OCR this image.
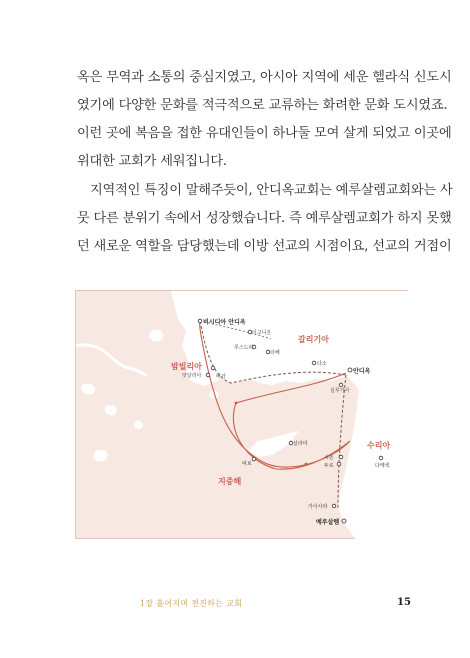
옥은 무역과 소통의 중심지였고, 아시아 지역에 세운 헬라식 신도시
였기에 다양한 문화를 적극적으로 교류하는 화려한 문화 도시였죠.
이런 곳에 복음을 접한 유대인들이 하나둘 모여 살게 되었고 이곳에
위대한 교회가 세워집니다.
지역적인 특징이 말해주듯이, 안디옥교회는 예루살렘교회와는 사
뭇 다른 분위기 속에서 성장했습니다. 즉 예루살렘교회가 하지 못했
던 새로운 역할을 담당했는데 이방 선교의 시점이요, 선교의 거점이
갈리기아
밤빌리아
수리아
지중해
비시디아 안디옥
이고니온
루스드라
더베
앗달리아	버가
다소
안디옥
실루기아
살라미
바보
시돈
두로	다메섹
가이사랴
예루살렘
1장 흩어지며 전진하는 교회	15
